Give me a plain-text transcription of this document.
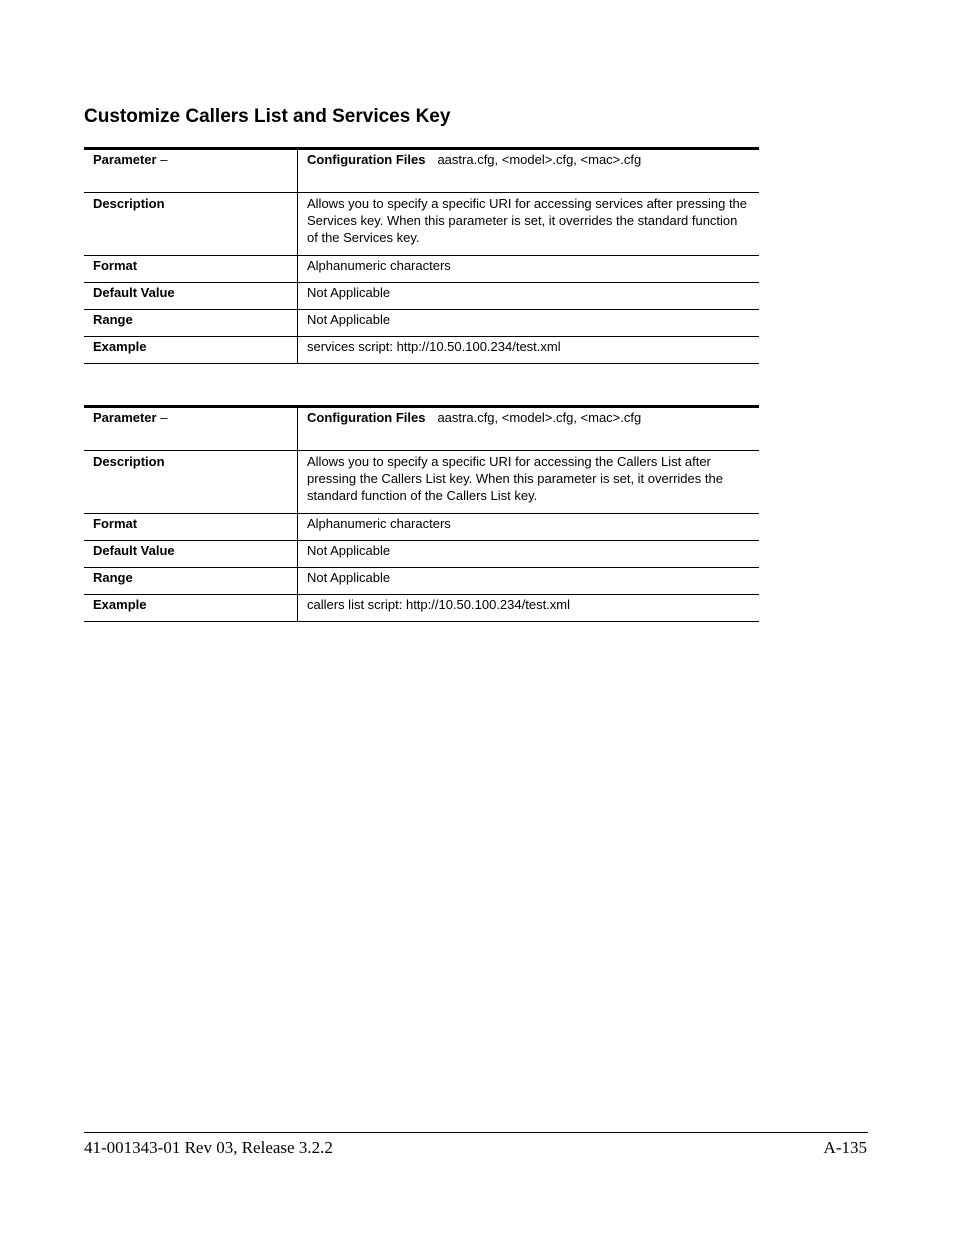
Customize Callers List and Services Key
Parameter –	Configuration Files aastra.cfg, <model>.cfg, <mac>.cfg
Description	Allows you to specify a specific URI for accessing services after pressing the Services key. When this parameter is set, it overrides the standard function of the Services key.
Format	Alphanumeric characters
Default Value	Not Applicable
Range	Not Applicable
Example	services script: http://10.50.100.234/test.xml
Parameter –	Configuration Files aastra.cfg, <model>.cfg, <mac>.cfg
Description	Allows you to specify a specific URI for accessing the Callers List after pressing the Callers List key. When this parameter is set, it overrides the standard function of the Callers List key.
Format	Alphanumeric characters
Default Value	Not Applicable
Range	Not Applicable
Example	callers list script: http://10.50.100.234/test.xml
41-001343-01 Rev 03, Release 3.2.2	A-135
